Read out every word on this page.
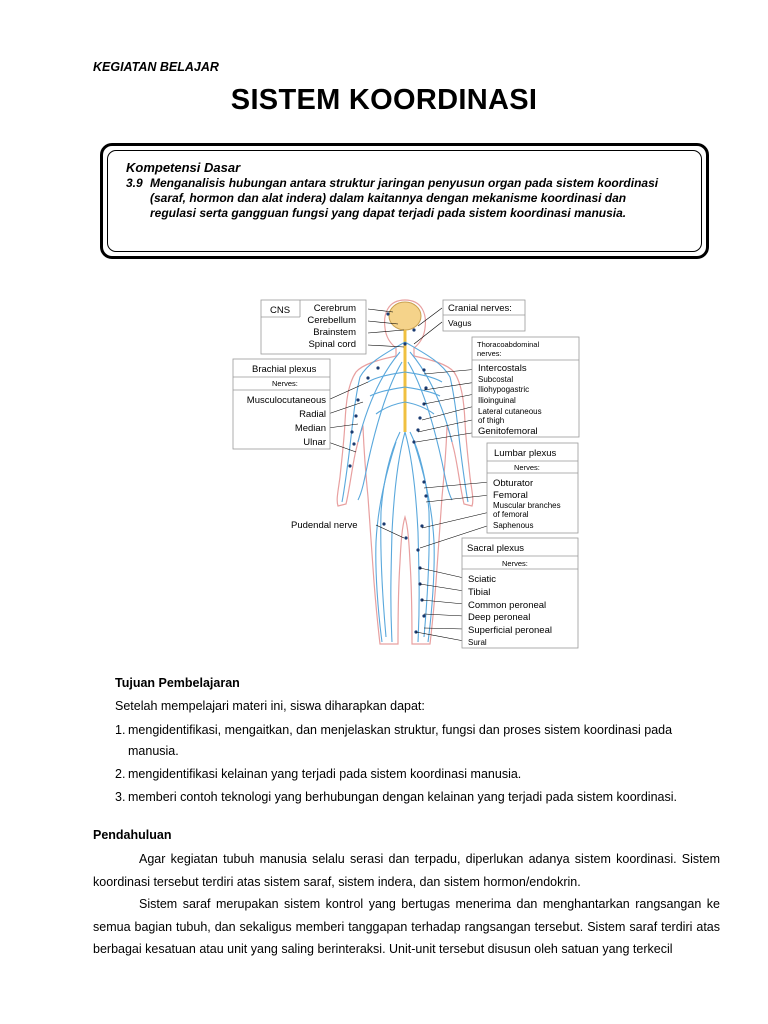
KEGIATAN BELAJAR
SISTEM KOORDINASI
Kompetensi Dasar
3.9 Menganalisis hubungan antara struktur jaringan penyusun organ pada sistem koordinasi
(saraf, hormon dan alat indera) dalam kaitannya dengan mekanisme koordinasi dan
regulasi serta gangguan fungsi yang dapat terjadi pada sistem koordinasi manusia.
CNS Cerebrum
Cerebellum
Brainstem
Spinal cord
Cranial nerves:
Vagus
Brachial plexus
Nerves:
Musculocutaneous
Radial
Median
Ulnar
Thoracoabdominal
nerves:
Intercostals
Subcostal
Iliohypogastric
Ilioinguinal
Lateral cutaneous
of thigh
Genitofemoral
Lumbar plexus
Nerves:
Obturator
Femoral
Muscular branches
of femoral
Saphenous
Pudendal nerve
Sacral plexus
Nerves:
Sciatic
Tibial
Common peroneal
Deep peroneal
Superficial peroneal
Sural
Tujuan Pembelajaran

Setelah mempelajari materi ini, siswa diharapkan dapat:

1. mengidentifikasi, mengaitkan, dan menjelaskan struktur, fungsi dan proses sistem koordinasi pada
manusia.
2. mengidentifikasi kelainan yang terjadi pada sistem koordinasi manusia.
3. memberi contoh teknologi yang berhubungan dengan kelainan yang terjadi pada sistem koordinasi.
Pendahuluan

Agar kegiatan tubuh manusia selalu serasi dan terpadu, diperlukan adanya sistem koordinasi. Sistem koordinasi tersebut terdiri atas sistem saraf, sistem indera, dan sistem hormon/endokrin.

Sistem saraf merupakan sistem kontrol yang bertugas menerima dan menghantarkan rangsangan ke semua bagian tubuh, dan sekaligus memberi tanggapan terhadap rangsangan tersebut. Sistem saraf terdiri atas berbagai kesatuan atau unit yang saling berinteraksi. Unit-unit tersebut disusun oleh satuan yang terkecil
